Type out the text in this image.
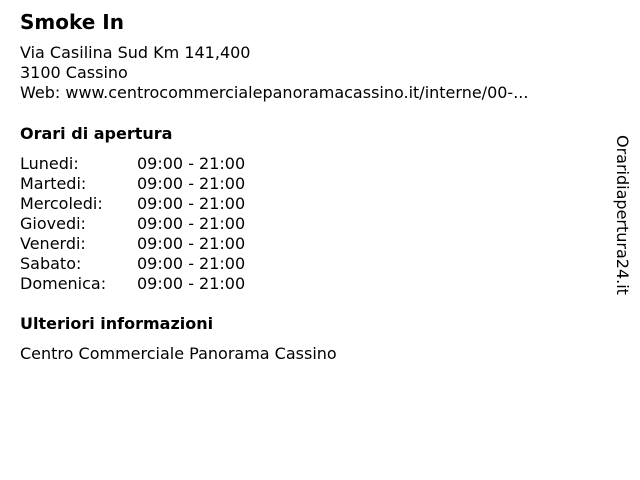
Smoke In
Via Casilina Sud Km 141,400
3100 Cassino
Web: www.centrocommercialepanoramacassino.it/interne/00-...
Orari di apertura
Lunedi:	09:00 - 21:00
Martedi:	09:00 - 21:00
Mercoledi:	09:00 - 21:00
Giovedi:	09:00 - 21:00
Venerdi:	09:00 - 21:00
Sabato:	09:00 - 21:00
Domenica:	09:00 - 21:00
Ulteriori informazioni
Centro Commerciale Panorama Cassino
Oraridiapertura24.it
